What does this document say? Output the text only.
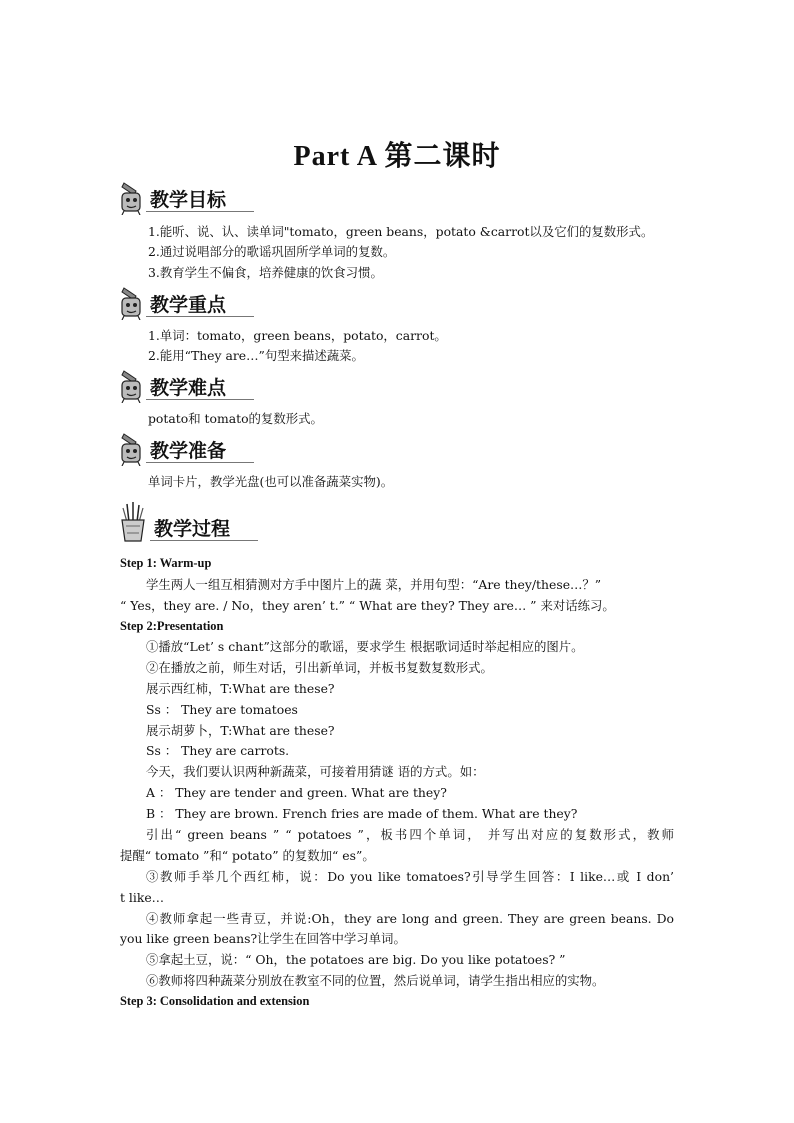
Part A 第二课时
教学目标
1.能听、说、认、读单词"tomato，green beans，potato &carrot以及它们的复数形式。
2.通过说唱部分的歌谣巩固所学单词的复数。
3.教育学生不偏食，培养健康的饮食习惯。
教学重点
1.单词：tomato，green beans，potato，carrot。
2.能用“They are…”句型来描述蔬菜。
教学难点
potato和 tomato的复数形式。
教学准备
单词卡片，教学光盘(也可以准备蔬菜实物)。
教学过程
Step 1: Warm-up
学生两人一组互相猜测对方手中图片上的蔬 菜，并用句型：“Are they/these…？”
“ Yes，they are. / No，they aren’ t.” “ What are they? They are… ” 来对话练习。
Step 2:Presentation
①播放“Let’ s chant”这部分的歌谣，要求学生 根据歌词适时举起相应的图片。
②在播放之前，师生对话，引出新单词，并板书复数复数形式。
展示西红柿，T:What are these?
Ss ： They are tomatoes
展示胡萝卜，T:What are these?
Ss ： They are carrots.
今天，我们要认识两种新蔬菜，可接着用猜谜 语的方式。如：
A ： They are tender and green. What are they?
B ： They are brown. French fries are made of them. What are they?
引出“ green beans ” “ potatoes ”，板书四个单词， 并写出对应的复数形式，教师
提醒“ tomato ”和“ potato” 的复数加“ es”。
③教师手举几个西红柿，说：Do you like tomatoes?引导学生回答：I like…或 I don’
t like…
④教师拿起一些青豆，并说:Oh，they are long and green. They are green beans. Do
you like green beans?让学生在回答中学习单词。
⑤拿起土豆，说：“ Oh，the potatoes are big. Do you like potatoes? ”
⑥教师将四种蔬菜分别放在教室不同的位置，然后说单词，请学生指出相应的实物。
Step 3: Consolidation and extension
